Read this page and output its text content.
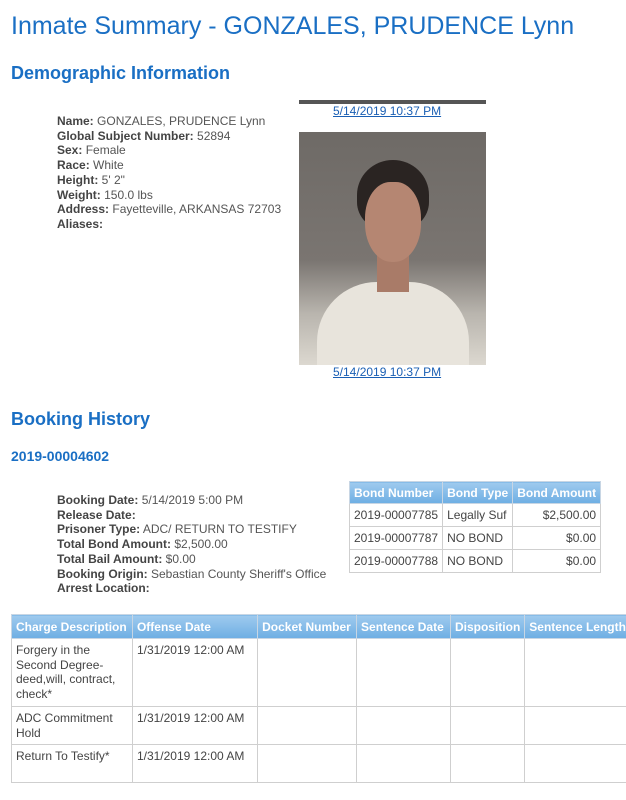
Inmate Summary - GONZALES, PRUDENCE Lynn
Demographic Information
Name: GONZALES, PRUDENCE Lynn
Global Subject Number: 52894
Sex: Female
Race: White
Height: 5' 2"
Weight: 150.0 lbs
Address: Fayetteville, ARKANSAS 72703
Aliases:
5/14/2019 10:37 PM
5/14/2019 10:37 PM
Booking History
2019-00004602
Booking Date: 5/14/2019 5:00 PM
Release Date:
Prisoner Type: ADC/ RETURN TO TESTIFY
Total Bond Amount: $2,500.00
Total Bail Amount: $0.00
Booking Origin: Sebastian County Sheriff's Office
Arrest Location:
Bond Number	Bond Type	Bond Amount
2019-00007785	Legally Suf	$2,500.00
2019-00007787	NO BOND	$0.00
2019-00007788	NO BOND	$0.00
Charge Description	Offense Date	Docket Number	Sentence Date	Disposition	Sentence Length
Forgery in the Second Degree-deed,will, contract, check*	1/31/2019 12:00 AM				
ADC Commitment Hold	1/31/2019 12:00 AM				
Return To Testify*	1/31/2019 12:00 AM				
